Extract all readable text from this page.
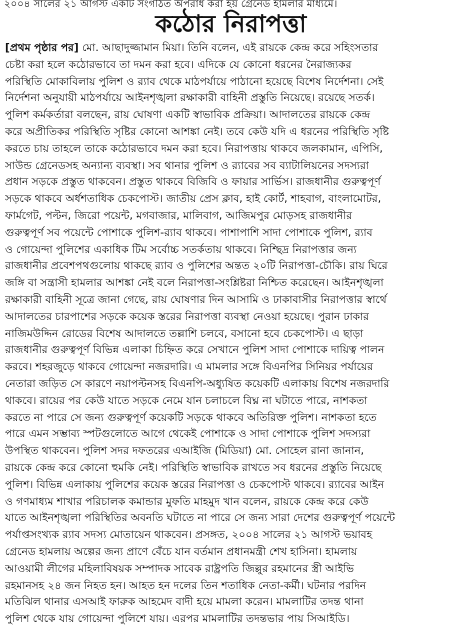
২০০৪ সালের ২১ আগস্ট একটি সংগঠিত অপরাধ করা হয় গ্রেনেড হামলার মাধ্যমে।
কঠোর নিরাপত্তা
[প্রথম পৃষ্ঠার পর] মো. আছাদুজ্জামান মিয়া। তিনি বলেন, এই রায়কে কেন্দ্র করে সহিংসতার
চেষ্টা করা হলে কঠোরভাবে তা দমন করা হবে। এদিকে যে কোনো ধরনের নৈরাজ্যকর
পরিস্থিতি মোকাবিলায় পুলিশ ও র‍্যাব থেকে মাঠপর্যায়ে পাঠানো হয়েছে বিশেষ নির্দেশনা। সেই
নির্দেশনা অনুযায়ী মাঠপর্যায়ে আইনশৃঙ্খলা রক্ষাকারী বাহিনী প্রস্তুতি নিয়েছে। রয়েছে সতর্ক।
পুলিশ কর্মকর্তারা বলছেন, রায় ঘোষণা একটি স্বাভাবিক প্রক্রিয়া। আদালতের রায়কে কেন্দ্র
করে অপ্রীতিকর পরিস্থিতি সৃষ্টির কোনো আশঙ্কা নেই। তবে কেউ যদি এ ধরনের পরিস্থিতি সৃষ্টি
করতে চায় তাহলে তাকে কঠোরভাবে দমন করা হবে। নিরাপত্তায় থাকবে জলকামান, এপিসি,
সাউন্ড গ্রেনেডসহ অন্যান্য ব্যবস্থা। সব থানার পুলিশ ও র‍্যাবের সব ব্যাটালিয়নের সদস্যরা
প্রধান সড়কে প্রস্তুত থাকবেন। প্রস্তুত থাকবে বিজিবি ও ফায়ার সার্ভিস। রাজধানীর গুরুত্বপূর্ণ
সড়কে থাকবে অর্ধশতাধিক চেকপোস্ট। জাতীয় প্রেস ক্লাব, হাই কোর্ট, শাহবাগ, বাংলামোটর,
ফার্মগেট, পল্টন, জিরো পয়েন্ট, মগবাজার, মালিবাগ, আজিমপুর মোড়সহ রাজধানীর
গুরুত্বপূর্ণ সব পয়েন্টে পোশাকে পুলিশ-র‍্যাব থাকবে। পাশাপাশি সাদা পোশাকে পুলিশ, র‍্যাব
ও গোয়েন্দা পুলিশের একাধিক টিম সর্বোচ্চ সতর্কতায় থাকবে। নিশ্ছিদ্র নিরাপত্তার জন্য
রাজধানীর প্রবেশপথগুলোয় থাকছে র‍্যাব ও পুলিশের অন্তত ২০টি নিরাপত্তা-চৌকি। রায় ঘিরে
জঙ্গি বা সন্ত্রাসী হামলার আশঙ্কা নেই বলে নিরাপত্তা-সংশ্লিষ্টরা নিশ্চিত করেছেন। আইনশৃঙ্খলা
রক্ষাকারী বাহিনী সূত্রে জানা গেছে, রায় ঘোষণার দিন আসামি ও ঢাকাবাসীর নিরাপত্তার স্বার্থে
আদালতের চারপাশের সড়কে কয়েক স্তরের নিরাপত্তা ব্যবস্থা নেওয়া হয়েছে। পুরান ঢাকার
নাজিমউদ্দিন রোডের বিশেষ আদালতে তল্লাশি চলবে, বসানো হবে চেকপোস্ট। এ ছাড়া
রাজধানীর গুরুত্বপূর্ণ বিভিন্ন এলাকা চিহ্নিত করে সেখানে পুলিশ সাদা পোশাকে দায়িত্ব পালন
করবে। শহরজুড়ে থাকবে গোয়েন্দা নজরদারি। এ মামলার সঙ্গে বিএনপির সিনিয়র পর্যায়ের
নেতারা জড়িত সে কারণে নয়াপল্টনসহ বিএনপি-অধ্যুষিত কয়েকটি এলাকায় বিশেষ নজরদারি
থাকবে। রায়ের পর কেউ যাতে সড়কে নেমে যান চলাচলে বিঘ্ন না ঘটাতে পারে, নাশকতা
করতে না পারে সে জন্য গুরুত্বপূর্ণ কয়েকটি সড়কে থাকবে অতিরিক্ত পুলিশ। নাশকতা হতে
পারে এমন সম্ভাব্য স্পটগুলোতে আগে থেকেই পোশাকে ও সাদা পোশাকে পুলিশ সদস্যরা
উপস্থিত থাকবেন। পুলিশ সদর দফতরের এআইজি (মিডিয়া) মো. সোহেল রানা জানান,
রায়কে কেন্দ্র করে কোনো হুমকি নেই। পরিস্থিতি স্বাভাবিক রাখতে সব ধরনের প্রস্তুতি নিয়েছে
পুলিশ। বিভিন্ন এলাকায় পুলিশের কয়েক স্তরের নিরাপত্তা ও চেকপোস্ট থাকবে। র‍্যাবের আইন
ও গণমাধ্যম শাখার পরিচালক কমান্ডার মুফতি মাহমুদ খান বলেন, রায়কে কেন্দ্র করে কেউ
যাতে আইনশৃঙ্খলা পরিস্থিতির অবনতি ঘটাতে না পারে সে জন্য সারা দেশের গুরুত্বপূর্ণ পয়েন্টে
পর্যাপ্তসংখ্যক র‍্যাব সদস্য মোতায়েন থাকবেন। প্রসঙ্গত, ২০০৪ সালের ২১ আগস্ট ভয়াবহ
গ্রেনেড হামলায় অল্পের জন্য প্রাণে বেঁচে যান বর্তমান প্রধানমন্ত্রী শেখ হাসিনা। হামলায়
আওয়ামী লীগের মহিলাবিষয়ক সম্পাদক সাবেক রাষ্ট্রপতি জিল্লুর রহমানের স্ত্রী আইভি
রহমানসহ ২৪ জন নিহত হন। আহত হন দলের তিন শতাধিক নেতা-কর্মী। ঘটনার পরদিন
মতিঝিল থানার এসআই ফারুক আহমেদ বাদী হয়ে মামলা করেন। মামলাটির তদন্ত থানা
পুলিশ থেকে যায় গোয়েন্দা পুলিশে যায়। এরপর মামলাটির তদন্তভার পায় সিআইডি।
